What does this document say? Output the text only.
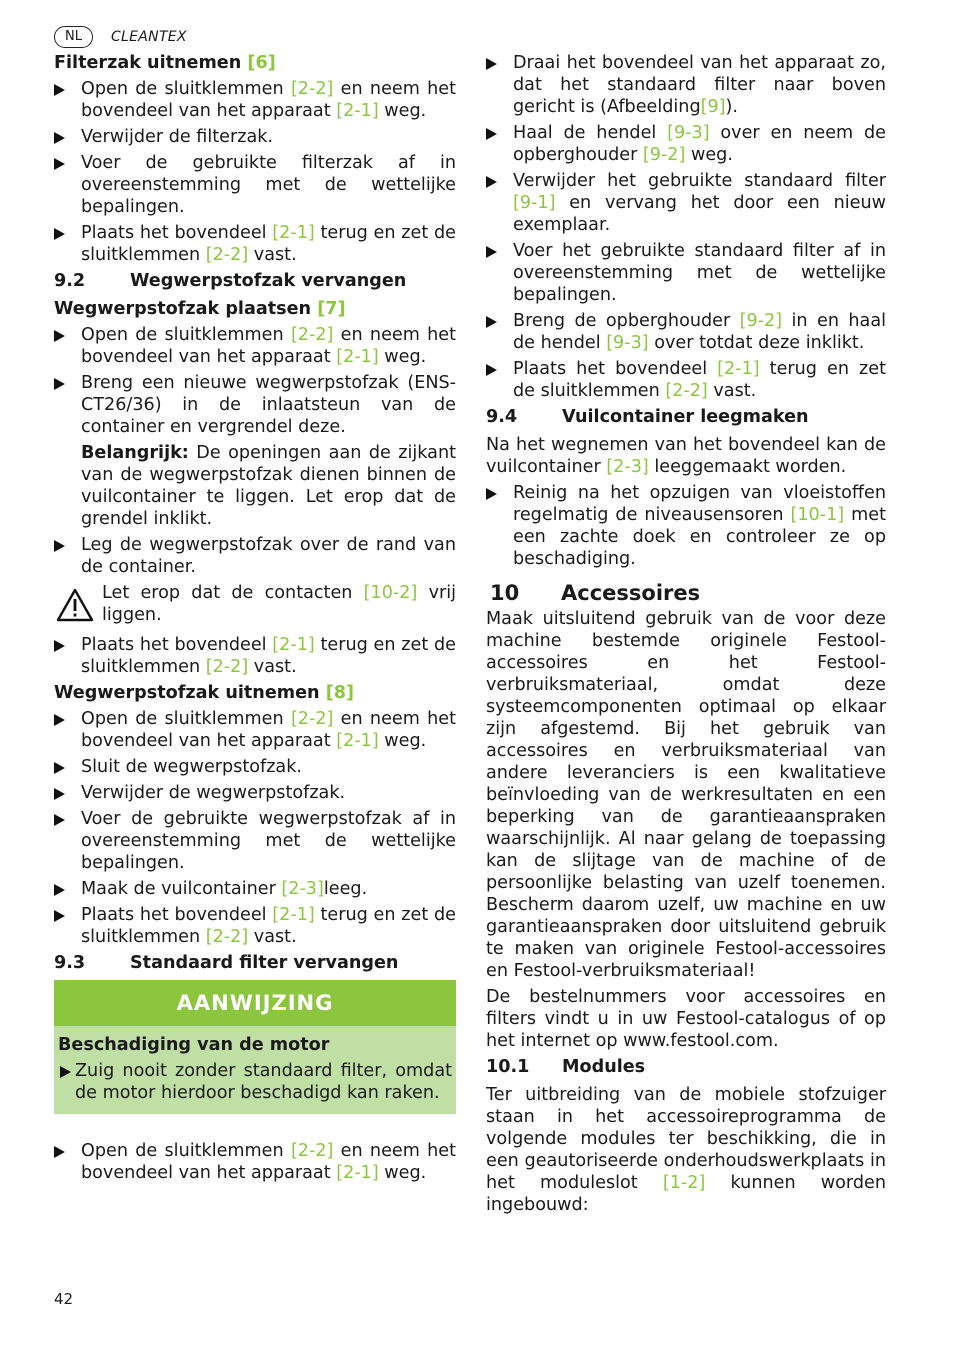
NL	CLEANTEX
Filterzak uitnemen [6]
Open de sluitklemmen [2-2] en neem het bovendeel van het apparaat [2-1] weg.
Verwijder de filterzak.
Voer de gebruikte filterzak af in overeenstemming met de wettelijke bepalingen.
Plaats het bovendeel [2-1] terug en zet de sluitklemmen [2-2] vast.
9.2	Wegwerpstofzak vervangen
Wegwerpstofzak plaatsen [7]
Open de sluitklemmen [2-2] en neem het bovendeel van het apparaat [2-1] weg.
Breng een nieuwe wegwerpstofzak (ENS-CT26/36) in de inlaatsteun van de container en vergrendel deze.
Belangrijk: De openingen aan de zijkant van de wegwerpstofzak dienen binnen de vuilcontainer te liggen. Let erop dat de grendel inklikt.
Leg de wegwerpstofzak over de rand van de container.
Let erop dat de contacten [10-2] vrij liggen.
Plaats het bovendeel [2-1] terug en zet de sluitklemmen [2-2] vast.
Wegwerpstofzak uitnemen [8]
Open de sluitklemmen [2-2] en neem het bovendeel van het apparaat [2-1] weg.
Sluit de wegwerpstofzak.
Verwijder de wegwerpstofzak.
Voer de gebruikte wegwerpstofzak af in overeenstemming met de wettelijke bepalingen.
Maak de vuilcontainer [2-3]leeg.
Plaats het bovendeel [2-1] terug en zet de sluitklemmen [2-2] vast.
9.3	Standaard filter vervangen
AANWIJZING
Beschadiging van de motor
Zuig nooit zonder standaard filter, omdat de motor hierdoor beschadigd kan raken.
Open de sluitklemmen [2-2] en neem het bovendeel van het apparaat [2-1] weg.
Draai het bovendeel van het apparaat zo, dat het standaard filter naar boven gericht is (Afbeelding[9]).
Haal de hendel [9-3] over en neem de opberghouder [9-2] weg.
Verwijder het gebruikte standaard filter [9-1] en vervang het door een nieuw exemplaar.
Voer het gebruikte standaard filter af in overeenstemming met de wettelijke bepalingen.
Breng de opberghouder [9-2] in en haal de hendel [9-3] over totdat deze inklikt.
Plaats het bovendeel [2-1] terug en zet de sluitklemmen [2-2] vast.
9.4	Vuilcontainer leegmaken
Na het wegnemen van het bovendeel kan de vuilcontainer [2-3] leeggemaakt worden.
Reinig na het opzuigen van vloeistoffen regelmatig de niveausensoren [10-1] met een zachte doek en controleer ze op beschadiging.
10	Accessoires
Maak uitsluitend gebruik van de voor deze machine bestemde originele Festool-accessoires en het Festool-verbruiksmateriaal, omdat deze systeemcomponenten optimaal op elkaar zijn afgestemd. Bij het gebruik van accessoires en verbruiksmateriaal van andere leveranciers is een kwalitatieve beïnvloeding van de werkresultaten en een beperking van de garantieaanspraken waarschijnlijk. Al naar gelang de toepassing kan de slijtage van de machine of de persoonlijke belasting van uzelf toenemen. Bescherm daarom uzelf, uw machine en uw garantieaanspraken door uitsluitend gebruik te maken van originele Festool-accessoires en Festool-verbruiksmateriaal!
De bestelnummers voor accessoires en filters vindt u in uw Festool-catalogus of op het internet op www.festool.com.
10.1	Modules
Ter uitbreiding van de mobiele stofzuiger staan in het accessoireprogramma de volgende modules ter beschikking, die in een geautoriseerde onderhoudswerkplaats in het moduleslot [1-2] kunnen worden ingebouwd:
42
